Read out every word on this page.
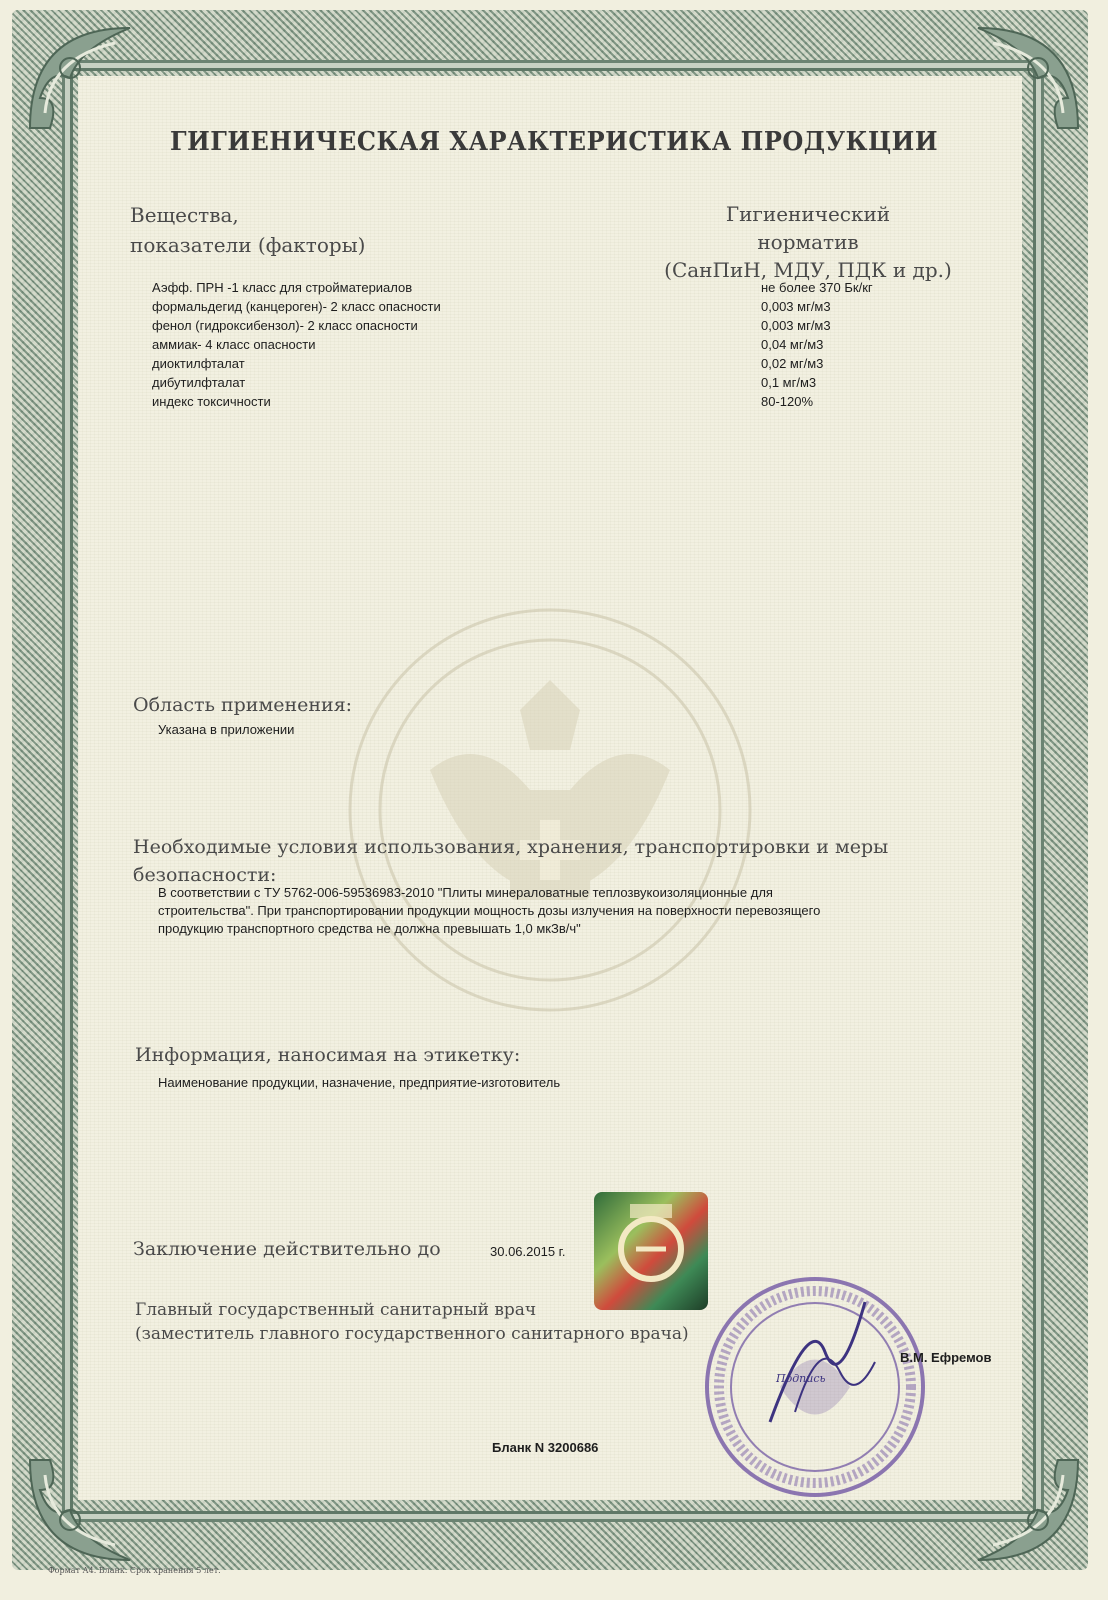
ГИГИЕНИЧЕСКАЯ ХАРАКТЕРИСТИКА ПРОДУКЦИИ
Вещества,
показатели (факторы)
Гигиенический
норматив
(СанПиН, МДУ, ПДК и др.)
Аэфф. ПРН -1 класс для стройматериалов	не более 370 Бк/кг
формальдегид (канцероген)- 2 класс опасности	0,003 мг/м3
фенол (гидроксибензол)- 2 класс опасности	0,003 мг/м3
аммиак- 4 класс опасности	0,04 мг/м3
диоктилфталат	0,02 мг/м3
дибутилфталат	0,1 мг/м3
индекс токсичности	80-120%
Область применения:
Указана в приложении
Необходимые условия использования, хранения, транспортировки и меры
безопасности:
В соответствии с ТУ 5762-006-59536983-2010 "Плиты минераловатные теплозвукоизоляционные для
строительства". При транспортировании продукции мощность дозы излучения на поверхности перевозящего
продукцию транспортного средства не должна превышать 1,0 мкЗв/ч"
Информация, наносимая на этикетку:
Наименование продукции, назначение, предприятие-изготовитель
Заключение действительно до	30.06.2015 г.
Главный государственный санитарный врач
(заместитель главного государственного санитарного врача)
Подпись
В.М. Ефремов
Бланк N 3200686
Формат А4. Бланк. Срок хранения 5 лет.
